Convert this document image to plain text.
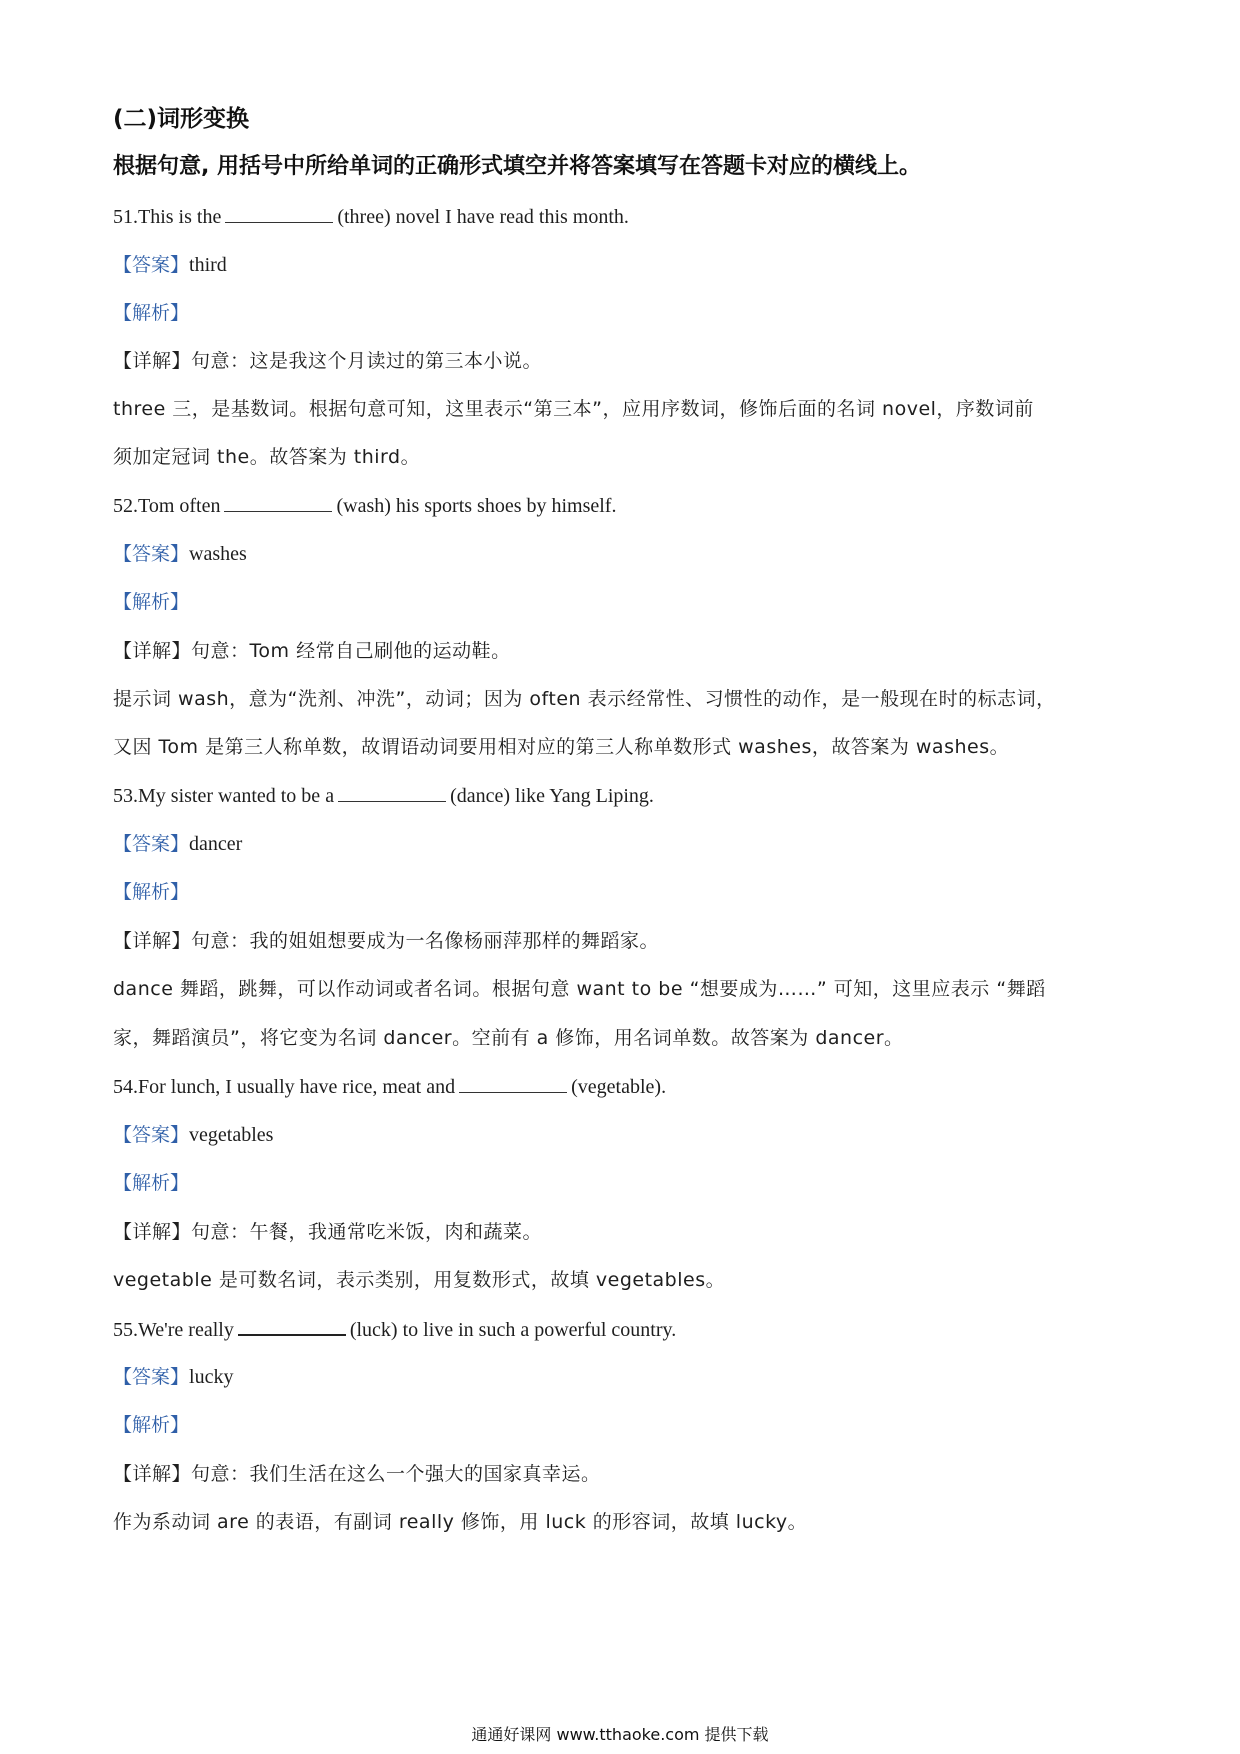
(二)词形变换
根据句意, 用括号中所给单词的正确形式填空并将答案填写在答题卡对应的横线上。
51.This is the	(three) novel I have read this month.
【答案】third
【解析】
【详解】句意：这是我这个月读过的第三本小说。
three 三，是基数词。根据句意可知，这里表示“第三本”，应用序数词，修饰后面的名词 novel，序数词前
须加定冠词 the。故答案为 third。
52.Tom often	(wash) his sports shoes by himself.
【答案】washes
【解析】
【详解】句意：Tom 经常自己刷他的运动鞋。
提示词 wash，意为“洗剂、冲洗”，动词；因为 often 表示经常性、习惯性的动作，是一般现在时的标志词，
又因 Tom 是第三人称单数，故谓语动词要用相对应的第三人称单数形式 washes，故答案为 washes。
53.My sister wanted to be a	(dance) like Yang Liping.
【答案】dancer
【解析】
【详解】句意：我的姐姐想要成为一名像杨丽萍那样的舞蹈家。
dance 舞蹈，跳舞，可以作动词或者名词。根据句意 want to be “想要成为……” 可知，这里应表示 “舞蹈
家，舞蹈演员”，将它变为名词 dancer。空前有 a 修饰，用名词单数。故答案为 dancer。
54.For lunch, I usually have rice, meat and	(vegetable).
【答案】vegetables
【解析】
【详解】句意：午餐，我通常吃米饭，肉和蔬菜。
vegetable 是可数名词，表示类别，用复数形式，故填 vegetables。
55.We're really	(luck) to live in such a powerful country.
【答案】lucky
【解析】
【详解】句意：我们生活在这么一个强大的国家真幸运。
作为系动词 are 的表语，有副词 really 修饰，用 luck 的形容词，故填 lucky。
通通好课网 www.tthaoke.com 提供下载
